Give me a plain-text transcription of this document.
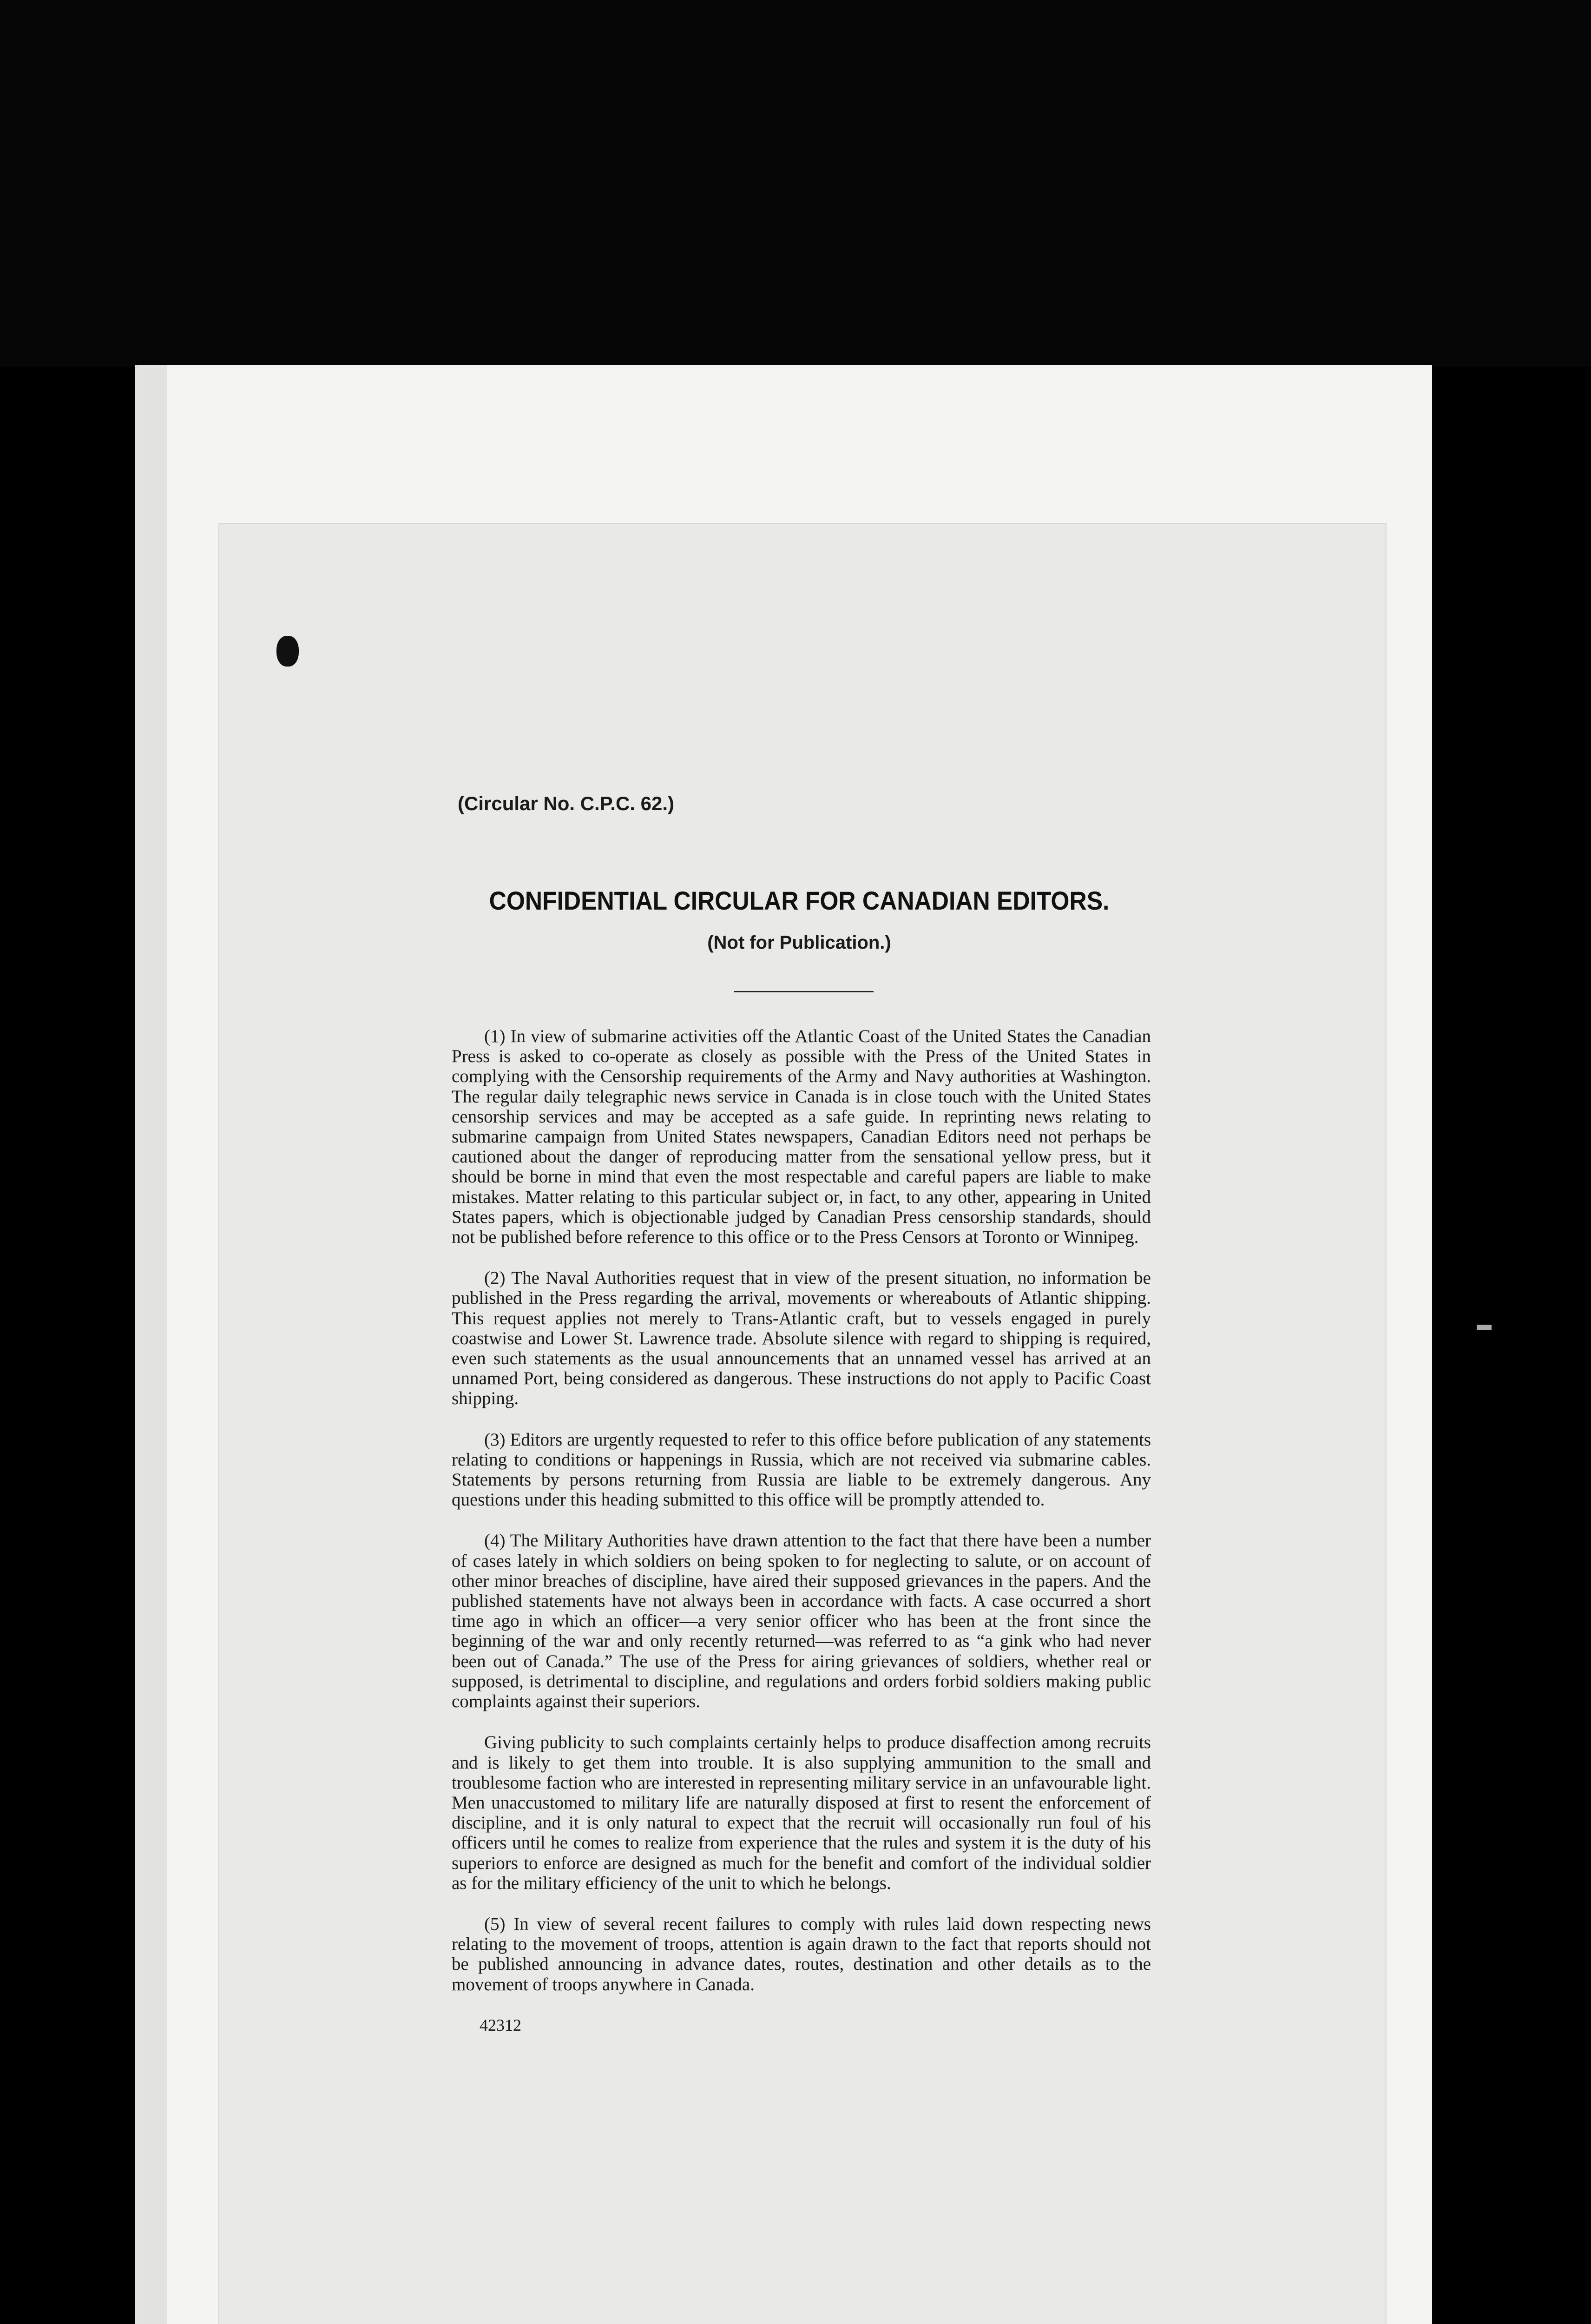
(Circular No. C.P.C. 62.)
CONFIDENTIAL CIRCULAR FOR CANADIAN EDITORS.
(Not for Publication.)

(1) In view of submarine activities off the Atlantic Coast of the United States the Canadian Press is asked to co-operate as closely as possible with the Press of the United States in complying with the Censorship requirements of the Army and Navy authorities at Washington. The regular daily telegraphic news service in Canada is in close touch with the United States censorship services and may be accepted as a safe guide. In reprinting news relating to submarine campaign from United States newspapers, Canadian Editors need not perhaps be cautioned about the danger of reproducing matter from the sensational yellow press, but it should be borne in mind that even the most respectable and careful papers are liable to make mistakes. Matter relating to this particular subject or, in fact, to any other, appearing in United States papers, which is objectionable judged by Canadian Press censorship standards, should not be published before reference to this office or to the Press Censors at Toronto or Winnipeg.

(2) The Naval Authorities request that in view of the present situation, no information be published in the Press regarding the arrival, movements or whereabouts of Atlantic shipping. This request applies not merely to Trans-Atlantic craft, but to vessels engaged in purely coastwise and Lower St. Lawrence trade. Absolute silence with regard to shipping is required, even such statements as the usual announcements that an unnamed vessel has arrived at an unnamed Port, being considered as dangerous. These instructions do not apply to Pacific Coast shipping.

(3) Editors are urgently requested to refer to this office before publication of any statements relating to conditions or happenings in Russia, which are not received via submarine cables. Statements by persons returning from Russia are liable to be extremely dangerous. Any questions under this heading submitted to this office will be promptly attended to.

(4) The Military Authorities have drawn attention to the fact that there have been a number of cases lately in which soldiers on being spoken to for neglecting to salute, or on account of other minor breaches of discipline, have aired their supposed grievances in the papers. And the published statements have not always been in accordance with facts. A case occurred a short time ago in which an officer—a very senior officer who has been at the front since the beginning of the war and only recently returned—was referred to as “a gink who had never been out of Canada.” The use of the Press for airing grievances of soldiers, whether real or supposed, is detrimental to discipline, and regulations and orders forbid soldiers making public complaints against their superiors.

Giving publicity to such complaints certainly helps to produce disaffection among recruits and is likely to get them into trouble. It is also supplying ammunition to the small and troublesome faction who are interested in representing military service in an unfavourable light. Men unaccustomed to military life are naturally disposed at first to resent the enforcement of discipline, and it is only natural to expect that the recruit will occasionally run foul of his officers until he comes to realize from experience that the rules and system it is the duty of his superiors to enforce are designed as much for the benefit and comfort of the individual soldier as for the military efficiency of the unit to which he belongs.

(5) In view of several recent failures to comply with rules laid down respecting news relating to the movement of troops, attention is again drawn to the fact that reports should not be published announcing in advance dates, routes, destination and other details as to the movement of troops anywhere in Canada.

42312
